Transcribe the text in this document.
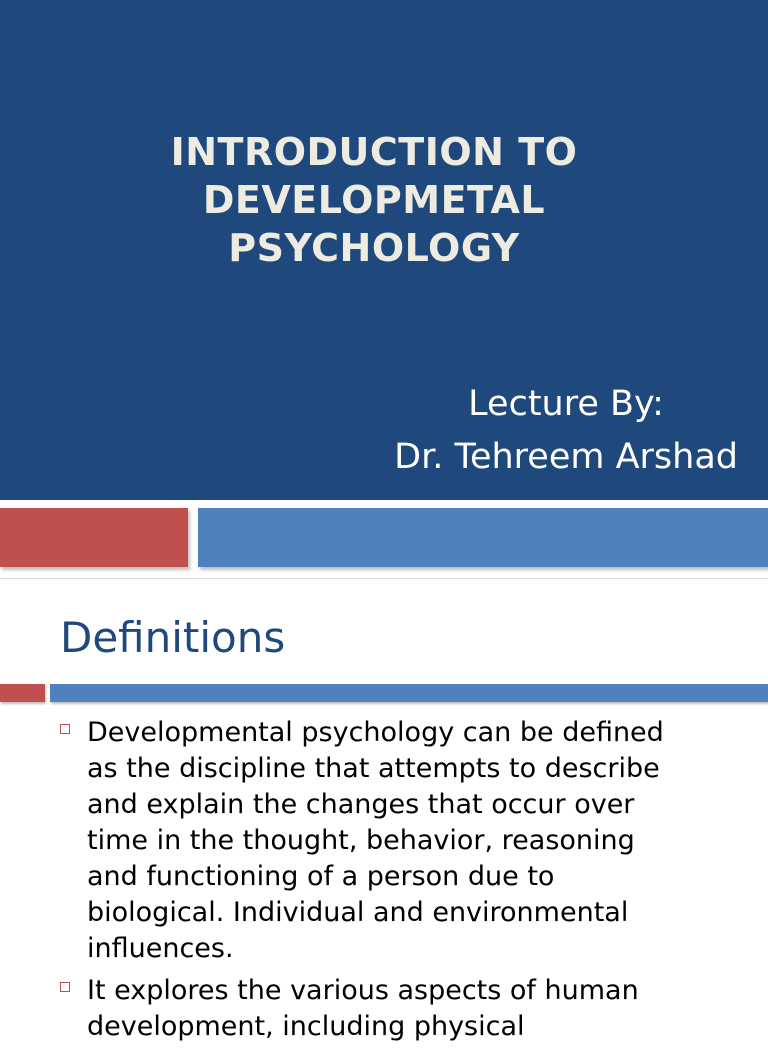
INTRODUCTION TO
DEVELOPMETAL
PSYCHOLOGY
Lecture By:
Dr. Tehreem Arshad
Definitions
Developmental psychology can be defined
as the discipline that attempts to describe
and explain the changes that occur over
time in the thought, behavior, reasoning
and functioning of a person due to
biological. Individual and environmental
influences.
It explores the various aspects of human
development, including physical
